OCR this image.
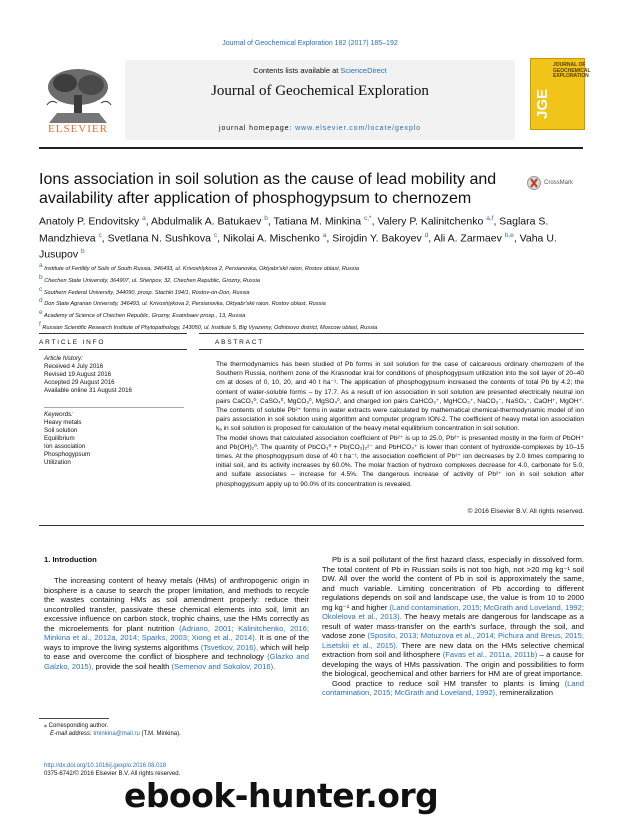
Journal of Geochemical Exploration 182 (2017) 185–192
Contents lists available at ScienceDirect
Journal of Geochemical Exploration
journal homepage: www.elsevier.com/locate/gexplo
ELSEVIER
JOURNAL OF GEOCHEMICAL EXPLORATION
JGE
Ions association in soil solution as the cause of lead mobility and availability after application of phosphogypsum to chernozem
CrossMark
Anatoly P. Endovitsky $^a$, Abdulmalik A. Batukaev $^b$, Tatiana M. Minkina $^{c,*}$, Valery P. Kalinitchenko $^{a,f}$, Saglara S. Mandzhieva $^c$, Svetlana N. Sushkova $^c$, Nikolai A. Mischenko $^a$, Sirojdin Y. Bakoyev $^d$, Ali A. Zarmaev $^{b,e}$, Vaha U. Jusupov $^b$
$^a$ Institute of Fertility of Soils of South Russia, 346493, ul. Krivoshlykova 2, Persianovka, Oktyabr'skii raion, Rostov oblast, Russia
$^b$ Chechen State University, 364907, ul. Sheripov, 32, Chechen Republic, Grozny, Russia
$^c$ Southern Federal University, 344090, prosp. Stachki 194/1, Rostov-on-Don, Russia
$^d$ Don State Agrarian University, 346493, ul. Krivoshlykova 2, Persianovka, Oktyabr'skii raion, Rostov oblast, Russia
$^e$ Academy of Science of Chechen Republic, Grozny, Esambaev prosp., 13, Russia
$^f$ Russian Scientific Research Institute of Phytopathology, 143050, ul. Institute 5, Big Vyazemy, Odintsovo district, Moscow oblast, Russia
ARTICLE INFO	ABSTRACT
Article history:
Received 4 July 2016
Revised 19 August 2016
Accepted 29 August 2016
Available online 31 August 2016
Keywords:
Heavy metals
Soil solution
Equilibrium
Ion association
Phosphogypsum
Utilization

The thermodynamics has been studied of Pb forms in soil solution for the case of calcareous ordinary chernozem of the Southern Russia, northern zone of the Krasnodar krai for conditions of phosphogypsum utilization into the soil layer of 20–40 cm at doses of 0, 10, 20, and 40 t ha⁻¹. The application of phosphogypsum increased the contents of total Pb by 4.2; the content of water-soluble forms – by 17.7. As a result of ion association in soil solution are presented electrically neutral ion pairs CaCO₃⁰; CaSO₄⁰, MgCO₃⁰, MgSO₄⁰, and charged ion pairs CaHCO₃⁺, MgHCO₃⁺, NaCO₃⁻, NaSO₄⁻, CaOH⁺, MgOH⁺. The contents of soluble Pb²⁺ forms in water extracts were calculated by mathematical chemical-thermodynamic model of ion pairs association in soil solution using algorithm and computer program ION-2. The coefficient of heavy metal ion association kₐ in soil solution is proposed for calculation of the heavy metal equilibrium concentration in soil solution.

The model shows that calculated association coefficient of Pb²⁺ is up to 25.0, Pb²⁺ is presented mostly in the form of PbOH⁺ and Pb(OH)₂⁰. The quantity of PbCO₃⁰ + Pb(CO₃)₂²⁻ and PbHCO₃⁺ is lower than content of hydroxide-complexes by 10–15 times. At the phosphogypsum dose of 40 t ha⁻¹, the association coefficient of Pb²⁺ ion decreases by 2.0 times comparing to initial soil, and its activity increases by 60.0%. The molar fraction of hydroxo complexes decrease for 4.0, carbonate for 5.0, and sulfate associates – increase for 4.5%. The dangerous increase of activity of Pb²⁺ ion in soil solution after phosphogypsum apply up to 90.0% of its concentration is revealed.

© 2016 Elsevier B.V. All rights reserved.
1. Introduction

The increasing content of heavy metals (HMs) of anthropogenic origin in biosphere is a cause to search the proper limitation, and methods to recycle the wastes containing HMs as soil amendment properly: reduce their uncontrolled transfer, passivate these chemical elements into soil, limit an excessive influence on carbon stock, trophic chains, use the HMs correctly as the microelements for plant nutrition (Adriano, 2001; Kalinitchenko, 2016; Minkina et al., 2012a, 2014; Sparks, 2003; Xiong et al., 2014). It is one of the ways to improve the living systems algorithms (Tsvetkov, 2016), which will help to ease and overcome the conflict of biosphere and technology (Glazko and Galzko, 2015), provide the soil health (Semenov and Sokolov, 2016).

Pb is a soil pollutant of the first hazard class, especially in dissolved form. The total content of Pb in Russian soils is not too high, not >20 mg kg⁻¹ soil DW. All over the world the content of Pb in soil is approximately the same, and much variable. Limiting concentration of Pb according to different regulations depends on soil and landscape use, the value is from 10 to 2000 mg kg⁻¹ and higher (Land contamination, 2015; McGrath and Loveland, 1992; Okolelova et al., 2013). The heavy metals are dangerous for landscape as a result of water mass-transfer on the earth's surface, through the soil, and vadose zone (Sposito, 2013; Motuzova et al., 2014; Pichura and Breus, 2015; Lisetskii et al., 2015). There are new data on the HMs selective chemical extraction from soil and lithosphere (Favas et al., 2011a, 2011b) – a cause for developing the ways of HMs passivation. The origin and possibilities to form the biological, geochemical and other barriers for HM are of great importance.

Good practice to reduce soil HM transfer to plants is liming (Land contamination, 2015; McGrath and Loveland, 1992), remineralization

⁎ Corresponding author.
E-mail address: tminkina@mail.ru (T.M. Minkina).
http://dx.doi.org/10.1016/j.gexplo.2016.08.018
0375-6742/© 2016 Elsevier B.V. All rights reserved.
ebook-hunter.org
